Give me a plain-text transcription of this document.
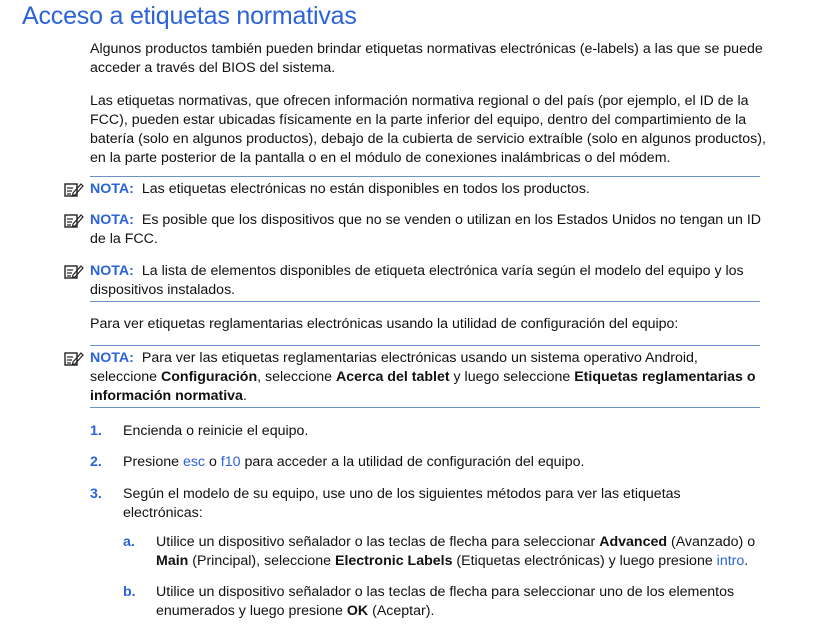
Acceso a etiquetas normativas
Algunos productos también pueden brindar etiquetas normativas electrónicas (e-labels) a las que se puede acceder a través del BIOS del sistema.
Las etiquetas normativas, que ofrecen información normativa regional o del país (por ejemplo, el ID de la FCC), pueden estar ubicadas físicamente en la parte inferior del equipo, dentro del compartimiento de la batería (solo en algunos productos), debajo de la cubierta de servicio extraíble (solo en algunos productos), en la parte posterior de la pantalla o en el módulo de conexiones inalámbricas o del módem.
NOTA: Las etiquetas electrónicas no están disponibles en todos los productos.
NOTA: Es posible que los dispositivos que no se venden o utilizan en los Estados Unidos no tengan un ID de la FCC.
NOTA: La lista de elementos disponibles de etiqueta electrónica varía según el modelo del equipo y los dispositivos instalados.
Para ver etiquetas reglamentarias electrónicas usando la utilidad de configuración del equipo:
NOTA: Para ver las etiquetas reglamentarias electrónicas usando un sistema operativo Android, seleccione Configuración, seleccione Acerca del tablet y luego seleccione Etiquetas reglamentarias o información normativa.
1. Encienda o reinicie el equipo.
2. Presione esc o f10 para acceder a la utilidad de configuración del equipo.
3. Según el modelo de su equipo, use uno de los siguientes métodos para ver las etiquetas electrónicas:
a. Utilice un dispositivo señalador o las teclas de flecha para seleccionar Advanced (Avanzado) o Main (Principal), seleccione Electronic Labels (Etiquetas electrónicas) y luego presione intro.
b. Utilice un dispositivo señalador o las teclas de flecha para seleccionar uno de los elementos enumerados y luego presione OK (Aceptar).
